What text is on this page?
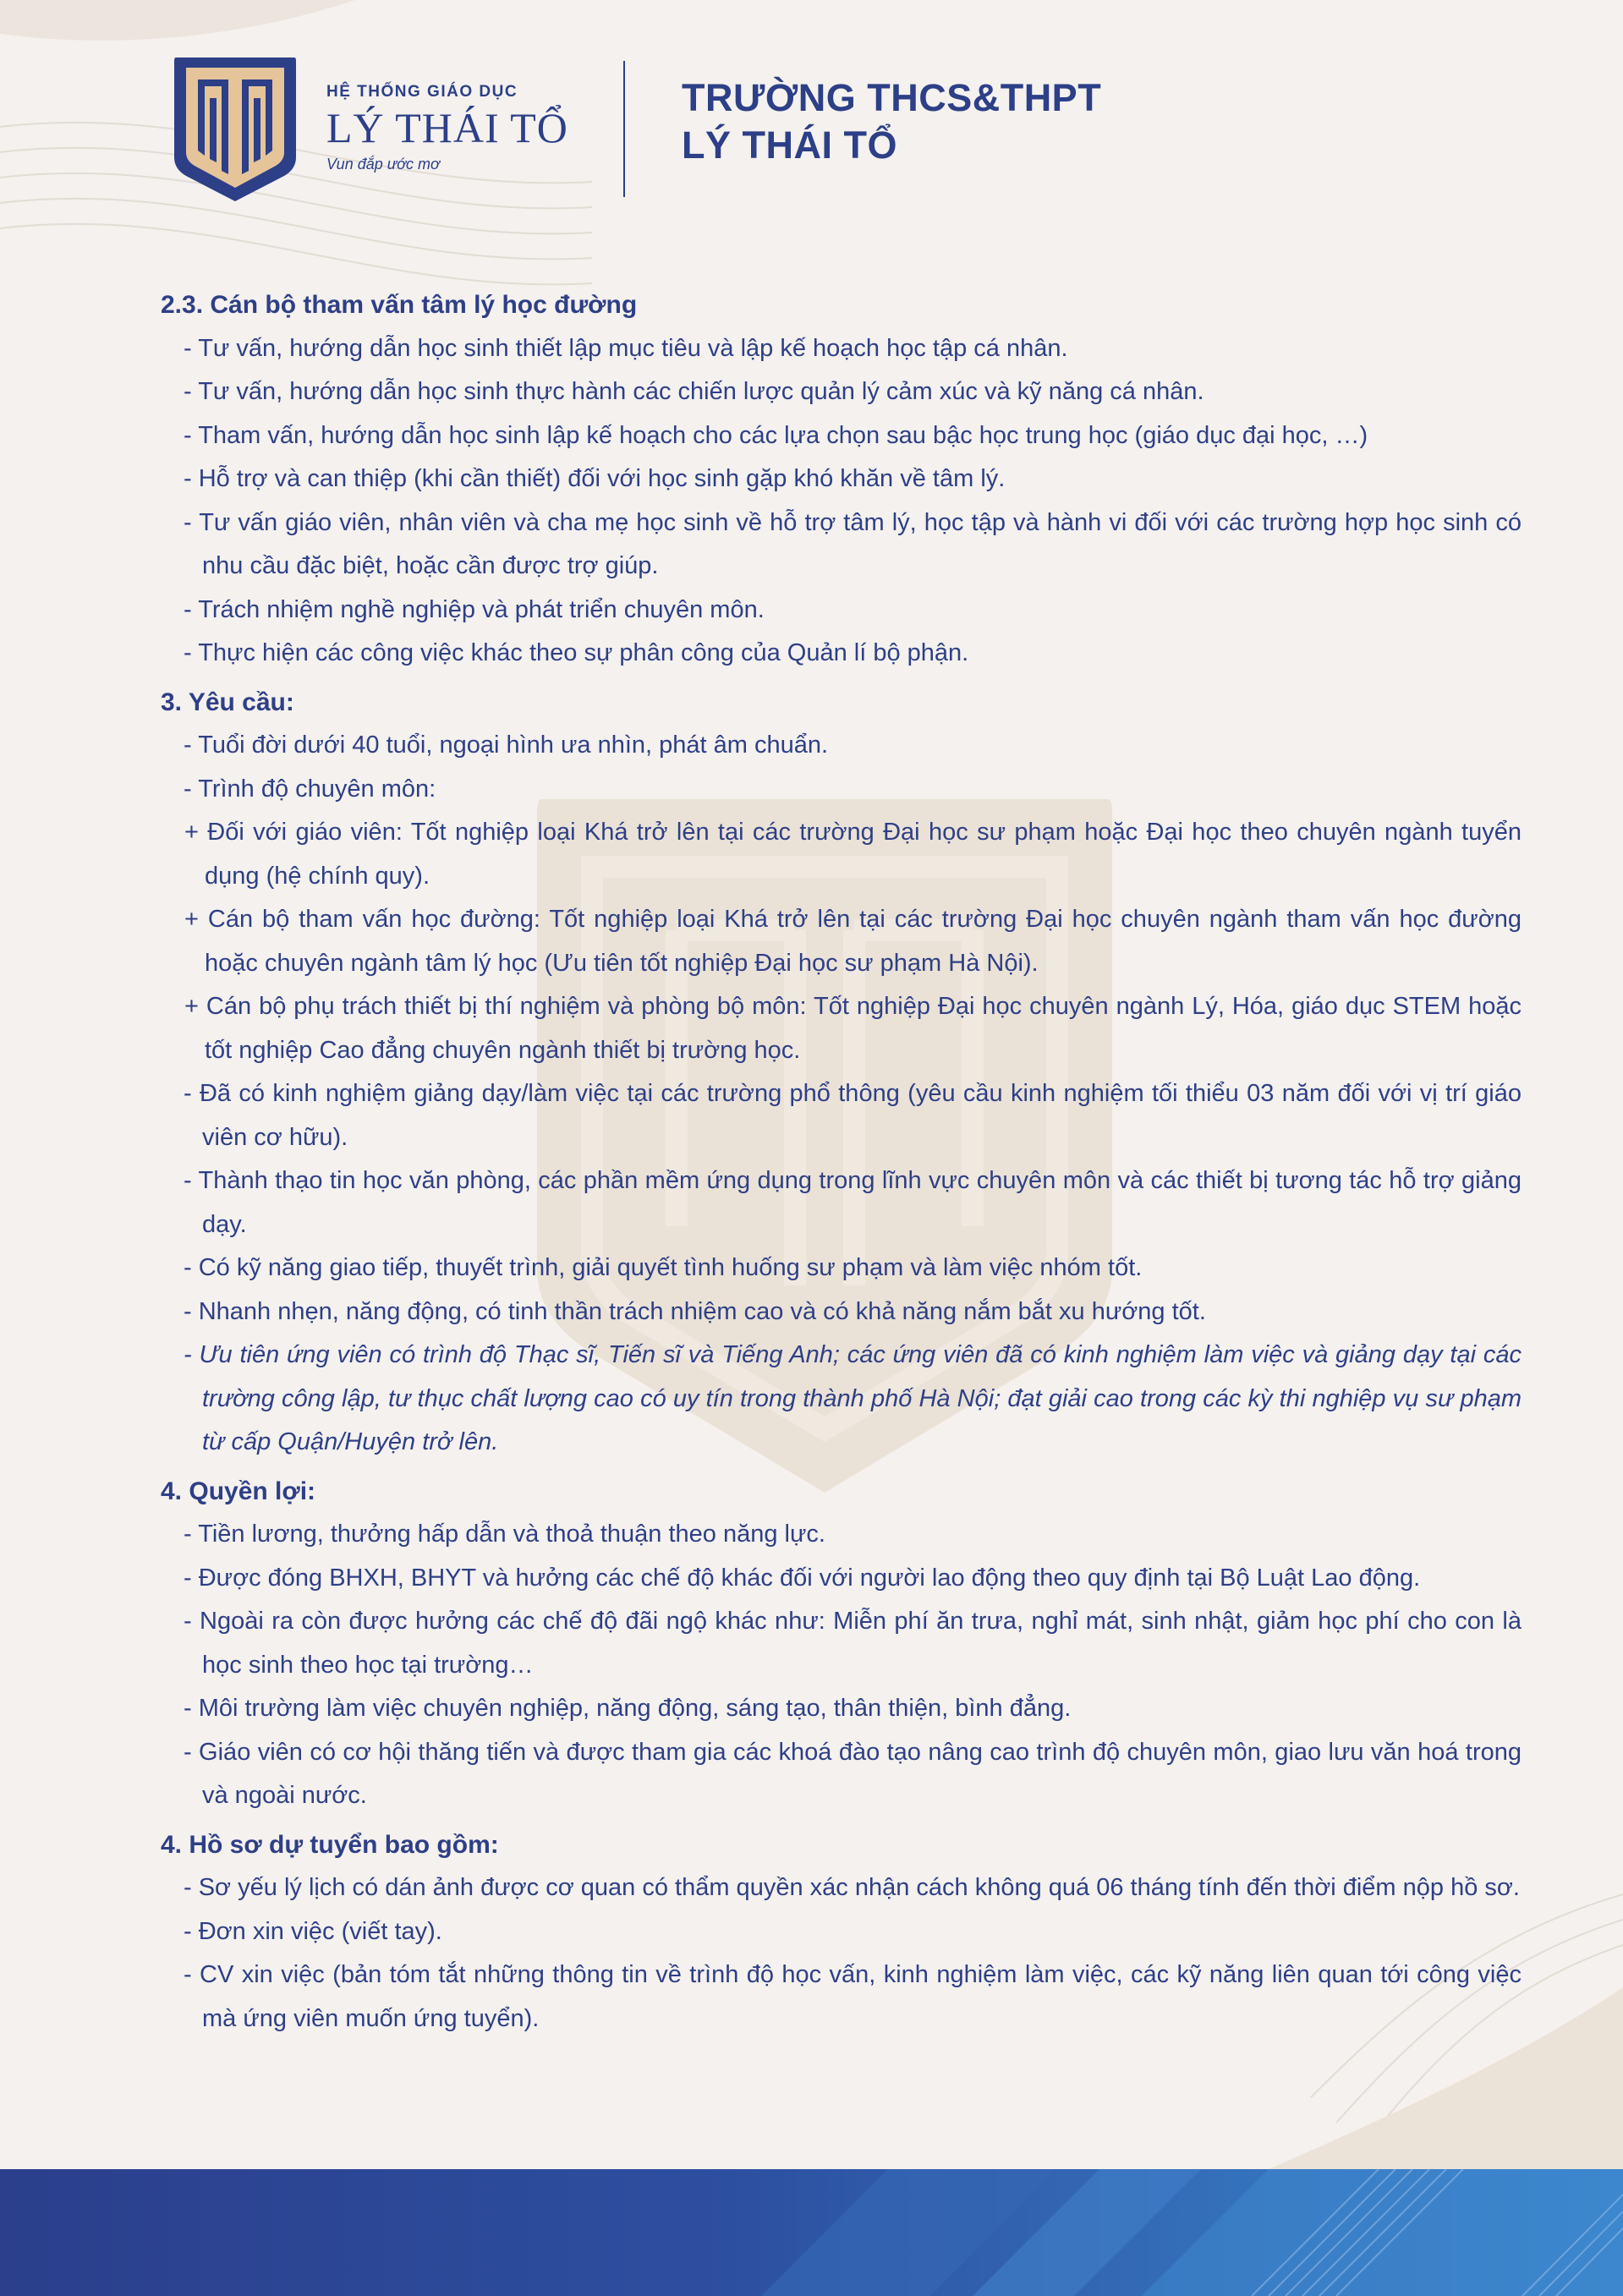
HỆ THỐNG GIÁO DỤC
LÝ THÁI TỔ
Vun đắp ước mơ
TRƯỜNG THCS&THPT
LÝ THÁI TỔ

2.3. Cán bộ tham vấn tâm lý học đường

- Tư vấn, hướng dẫn học sinh thiết lập mục tiêu và lập kế hoạch học tập cá nhân.

- Tư vấn, hướng dẫn học sinh thực hành các chiến lược quản lý cảm xúc và kỹ năng cá nhân.

- Tham vấn, hướng dẫn học sinh lập kế hoạch cho các lựa chọn sau bậc học trung học (giáo dục đại học, …)

- Hỗ trợ và can thiệp (khi cần thiết) đối với học sinh gặp khó khăn về tâm lý.

- Tư vấn giáo viên, nhân viên và cha mẹ học sinh về hỗ trợ tâm lý, học tập và hành vi đối với các trường hợp học sinh có nhu cầu đặc biệt, hoặc cần được trợ giúp.

- Trách nhiệm nghề nghiệp và phát triển chuyên môn.

- Thực hiện các công việc khác theo sự phân công của Quản lí bộ phận.

3. Yêu cầu:

- Tuổi đời dưới 40 tuổi, ngoại hình ưa nhìn, phát âm chuẩn.

- Trình độ chuyên môn:

+ Đối với giáo viên: Tốt nghiệp loại Khá trở lên tại các trường Đại học sư phạm hoặc Đại học theo chuyên ngành tuyển dụng (hệ chính quy).

+ Cán bộ tham vấn học đường: Tốt nghiệp loại Khá trở lên tại các trường Đại học chuyên ngành tham vấn học đường hoặc chuyên ngành tâm lý học (Ưu tiên tốt nghiệp Đại học sư phạm Hà Nội).

+ Cán bộ phụ trách thiết bị thí nghiệm và phòng bộ môn: Tốt nghiệp Đại học chuyên ngành Lý, Hóa, giáo dục STEM hoặc tốt nghiệp Cao đẳng chuyên ngành thiết bị trường học.

- Đã có kinh nghiệm giảng dạy/làm việc tại các trường phổ thông (yêu cầu kinh nghiệm tối thiểu 03 năm đối với vị trí giáo viên cơ hữu).

- Thành thạo tin học văn phòng, các phần mềm ứng dụng trong lĩnh vực chuyên môn và các thiết bị tương tác hỗ trợ giảng dạy.

- Có kỹ năng giao tiếp, thuyết trình, giải quyết tình huống sư phạm và làm việc nhóm tốt.

- Nhanh nhẹn, năng động, có tinh thần trách nhiệm cao và có khả năng nắm bắt xu hướng tốt.

- Ưu tiên ứng viên có trình độ Thạc sĩ, Tiến sĩ và Tiếng Anh; các ứng viên đã có kinh nghiệm làm việc và giảng dạy tại các trường công lập, tư thục chất lượng cao có uy tín trong thành phố Hà Nội; đạt giải cao trong các kỳ thi nghiệp vụ sư phạm từ cấp Quận/Huyện trở lên.

4. Quyền lợi:

- Tiền lương, thưởng hấp dẫn và thoả thuận theo năng lực.

- Được đóng BHXH, BHYT và hưởng các chế độ khác đối với người lao động theo quy định tại Bộ Luật Lao động.

- Ngoài ra còn được hưởng các chế độ đãi ngộ khác như: Miễn phí ăn trưa, nghỉ mát, sinh nhật, giảm học phí cho con là học sinh theo học tại trường…

- Môi trường làm việc chuyên nghiệp, năng động, sáng tạo, thân thiện, bình đẳng.

- Giáo viên có cơ hội thăng tiến và được tham gia các khoá đào tạo nâng cao trình độ chuyên môn, giao lưu văn hoá trong và ngoài nước.

4. Hồ sơ dự tuyển bao gồm:

- Sơ yếu lý lịch có dán ảnh được cơ quan có thẩm quyền xác nhận cách không quá 06 tháng tính đến thời điểm nộp hồ sơ.

- Đơn xin việc (viết tay).

- CV xin việc (bản tóm tắt những thông tin về trình độ học vấn, kinh nghiệm làm việc, các kỹ năng liên quan tới công việc mà ứng viên muốn ứng tuyển).
